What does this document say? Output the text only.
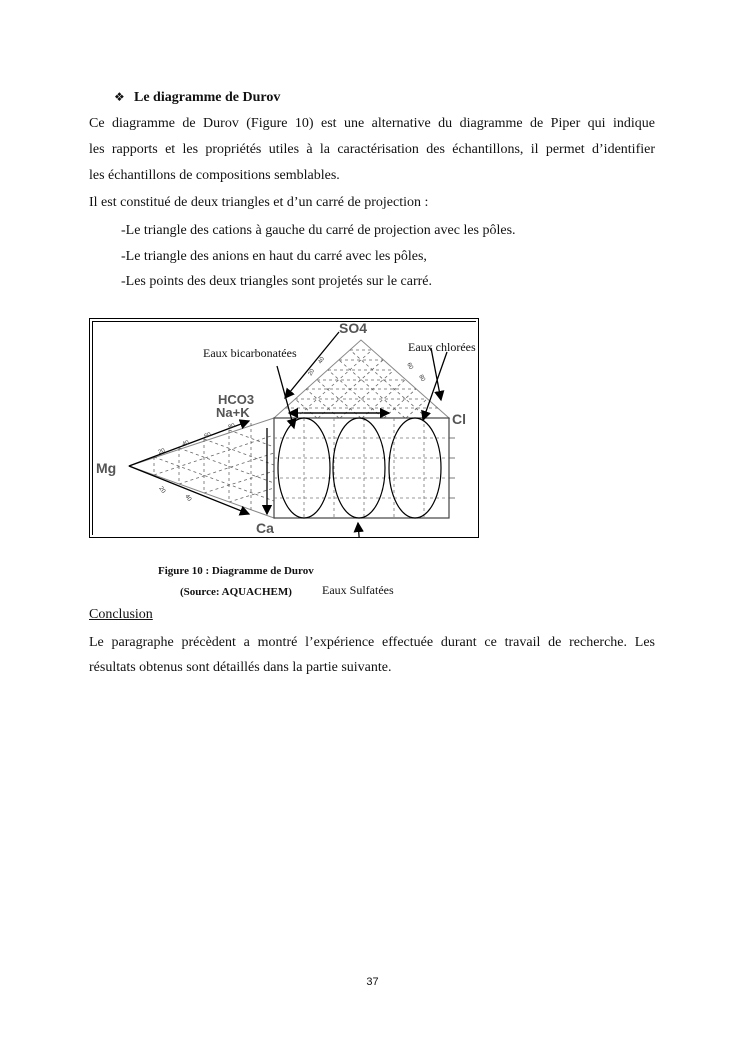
❖ Le diagramme de Durov
Ce diagramme de Durov (Figure 10) est une alternative du diagramme de Piper qui indique
les rapports et les propriétés utiles à la caractérisation des échantillons, il permet d’identifier
les échantillons de compositions semblables.
Il est constitué de deux triangles et d’un carré de projection :
-Le triangle des cations à gauche du carré de projection avec les pôles.
-Le triangle des anions en haut du carré avec les pôles,
-Les points des deux triangles sont projetés sur le carré.
20
40
60
80
20
40
20
40
60
80
SO4
Cl
Mg
Ca
HCO3
Na+K
Eaux bicarbonatées	Eaux chlorées
Eaux Sulfatées
Figure 10 : Diagramme de Durov
(Source: AQUACHEM)
Conclusion
Le paragraphe précèdent a montré l’expérience effectuée durant ce travail de recherche. Les
résultats obtenus sont détaillés dans la partie suivante.
37
